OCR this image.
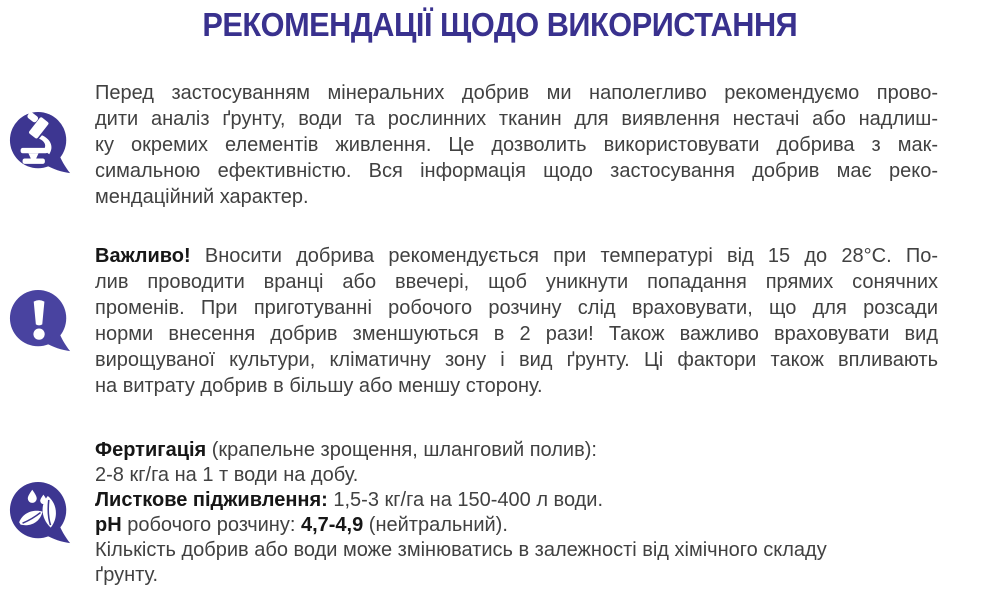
РЕКОМЕНДАЦІЇ ЩОДО ВИКОРИСТАННЯ
Перед застосуванням мінеральних добрив ми наполегливо рекомендуємо прово-
дити аналіз ґрунту, води та рослинних тканин для виявлення нестачі або надлиш-
ку окремих елементів живлення. Це дозволить використовувати добрива з мак-
симальною ефективністю. Вся інформація щодо застосування добрив має реко-
мендаційний характер.
Важливо! Вносити добрива рекомендується при температурі від 15 до 28°С. По-
лив проводити вранці або ввечері, щоб уникнути попадання прямих сонячних
променів. При приготуванні робочого розчину слід враховувати, що для розсади
норми внесення добрив зменшуються в 2 рази! Також важливо враховувати вид
вирощуваної культури, кліматичну зону і вид ґрунту. Ці фактори також впливають
на витрату добрив в більшу або меншу сторону.
Фертигація (крапельне зрощення, шланговий полив):
2-8 кг/га на 1 т води на добу.
Листкове підживлення: 1,5-3 кг/га на 150-400 л води.
pH робочого розчину: 4,7-4,9 (нейтральний).
Кількість добрив або води може змінюватись в залежності від хімічного складу
ґрунту.
